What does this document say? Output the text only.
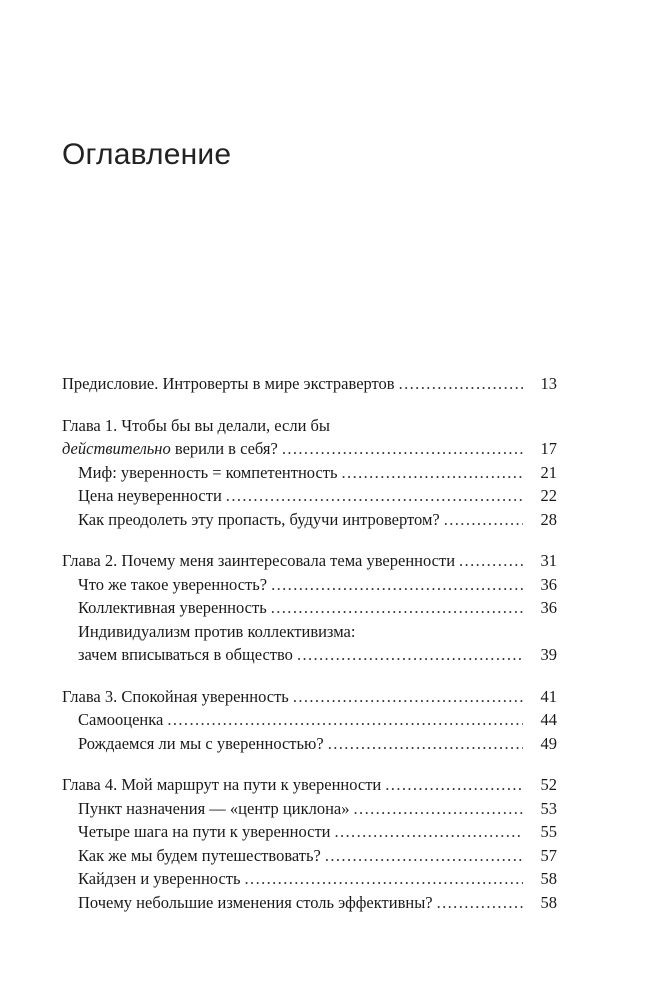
Оглавление
Предисловие. Интроверты в мире экстравертов .....	13
Глава 1. Чтобы бы вы делали, если бы
действительно верили в себя? .....	17
Миф: уверенность = компетентность .....	21
Цена неуверенности .....	22
Как преодолеть эту пропасть, будучи интровертом? .....	28
Глава 2. Почему меня заинтересовала тема уверенности .....	31
Что же такое уверенность? .....	36
Коллективная уверенность .....	36
Индивидуализм против коллективизма:
зачем вписываться в общество .....	39
Глава 3. Спокойная уверенность .....	41
Самооценка .....	44
Рождаемся ли мы с уверенностью? .....	49
Глава 4. Мой маршрут на пути к уверенности .....	52
Пункт назначения — «центр циклона» .....	53
Четыре шага на пути к уверенности .....	55
Как же мы будем путешествовать? .....	57
Кайдзен и уверенность .....	58
Почему небольшие изменения столь эффективны? .....	58
